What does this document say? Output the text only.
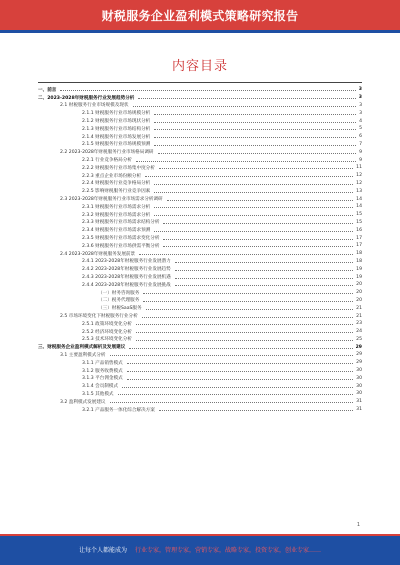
财税服务企业盈利模式策略研究报告
内容目录
一、前言	3
二、2023-2028年财税服务行业发展趋势分析	3
2.1 财税服务行业市场规模及现状	3
2.1.1 财税服务行业市场规模分析	3
2.1.2 财税服务行业市场现状分析	4
2.1.3 财税服务行业市场结构分析	5
2.1.4 财税服务行业市场发展分析	6
2.1.5 财税服务行业市场规模预测	7
2.2 2023-2028年财税服务行业市场格局调研	9
2.2.1 行业竞争格局分析	9
2.2.2 财税服务行业市场集中度分析	11
2.2.3 重点企业市场份额分析	12
2.2.4 财税服务行业竞争格局分析	12
2.2.5 影响财税服务行业竞争因素	13
2.3 2023-2028年财税服务行业市场需求分析调研	14
2.3.1 财税服务行业市场需求分析	14
2.3.2 财税服务行业市场需求分析	15
2.3.3 财税服务行业市场需求结构分析	15
2.3.4 财税服务行业市场需求预测	16
2.3.5 财税服务行业市场需求变化分析	17
2.3.6 财税服务行业市场供需平衡分析	17
2.4 2023-2028年财税服务发展前景	18
2.4.1 2023-2028年财税服务行业发展潜力	18
2.4.2 2023-2028年财税服务行业发展趋势	19
2.4.3 2023-2028年财税服务行业发展机遇	19
2.4.4 2023-2028年财税服务行业发展挑战	20
（一）财务咨询服务	20
（二）税务代理服务	20
（三）财税SaaS服务	21
2.5 市场环境变化下财税服务行业分析	21
2.5.1 政策环境变化分析	23
2.5.2 经济环境变化分析	24
2.5.3 技术环境变化分析	25
三、财税服务企业盈利模式解析及发展建议	29
3.1 主要盈利模式分析	29
3.1.1 产品销售模式	29
3.1.2 服务收费模式	30
3.1.3 平台佣金模式	30
3.1.4 会员制模式	30
3.1.5 其他模式	30
3.2 盈利模式发展建议	31
3.2.1 产品服务一体化综合解决方案	31
1
让每个人都能成为 行业专家，管理专家，营销专家，战略专家，投资专家，创业专家……
